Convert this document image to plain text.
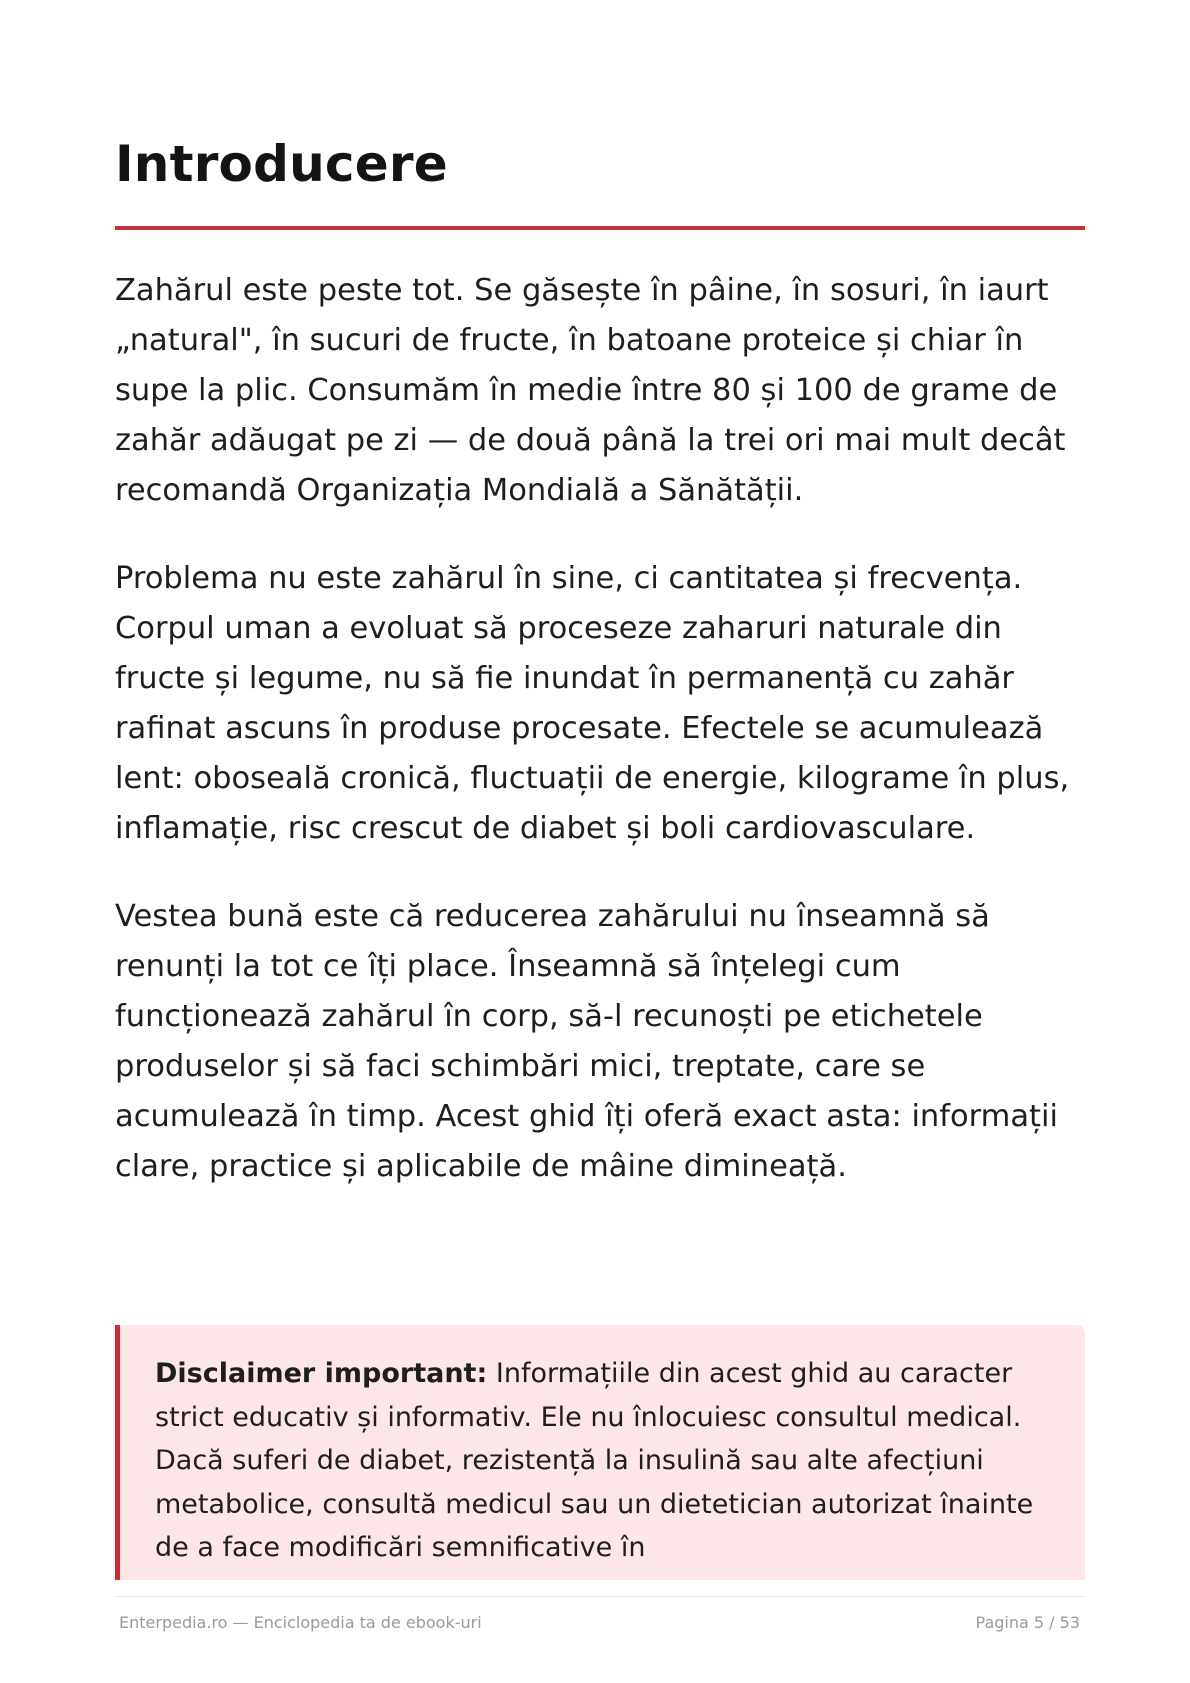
Introducere

Zahărul este peste tot. Se găsește în pâine, în sosuri, în iaurt „natural", în sucuri de fructe, în batoane proteice și chiar în supe la plic. Consumăm în medie între 80 și 100 de grame de zahăr adăugat pe zi — de două până la trei ori mai mult decât recomandă Organizația Mondială a Sănătății.

Problema nu este zahărul în sine, ci cantitatea și frecvența. Corpul uman a evoluat să proceseze zaharuri naturale din fructe și legume, nu să fie inundat în permanență cu zahăr rafinat ascuns în produse procesate. Efectele se acumulează lent: oboseală cronică, fluctuații de energie, kilograme în plus, inflamație, risc crescut de diabet și boli cardiovasculare.

Vestea bună este că reducerea zahărului nu înseamnă să renunți la tot ce îți place. Înseamnă să înțelegi cum funcționează zahărul în corp, să-l recunoști pe etichetele produselor și să faci schimbări mici, treptate, care se acumulează în timp. Acest ghid îți oferă exact asta: informații clare, practice și aplicabile de mâine dimineață.

Disclaimer important: Informațiile din acest ghid au caracter strict educativ și informativ. Ele nu înlocuiesc consultul medical. Dacă suferi de diabet, rezistență la insulină sau alte afecțiuni metabolice, consultă medicul sau un dietetician autorizat înainte de a face modificări semnificative în

Enterpedia.ro — Enciclopedia ta de ebook-uri	Pagina 5 / 53
